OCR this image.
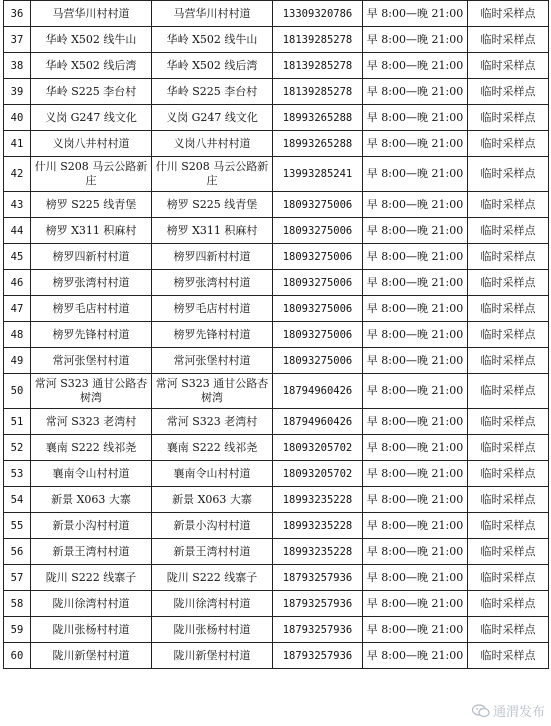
36	马营华川村村道	马营华川村村道	13309320786	早 8:00—晚 21:00	临时采样点
37	华岭 X502 线牛山	华岭 X502 线牛山	18139285278	早 8:00—晚 21:00	临时采样点
38	华岭 X502 线后湾	华岭 X502 线后湾	18139285278	早 8:00—晚 21:00	临时采样点
39	华岭 S225 李台村	华岭 S225 李台村	18139285278	早 8:00—晚 21:00	临时采样点
40	义岗 G247 线文化	义岗 G247 线文化	18993265288	早 8:00—晚 21:00	临时采样点
41	义岗八井村村道	义岗八井村村道	18993265288	早 8:00—晚 21:00	临时采样点
42	什川 S208 马云公路新庄	什川 S208 马云公路新庄	13993285241	早 8:00—晚 21:00	临时采样点
43	榜罗 S225 线青堡	榜罗 S225 线青堡	18093275006	早 8:00—晚 21:00	临时采样点
44	榜罗 X311 积麻村	榜罗 X311 积麻村	18093275006	早 8:00—晚 21:00	临时采样点
45	榜罗四新村村道	榜罗四新村村道	18093275006	早 8:00—晚 21:00	临时采样点
46	榜罗张湾村村道	榜罗张湾村村道	18093275006	早 8:00—晚 21:00	临时采样点
47	榜罗毛店村村道	榜罗毛店村村道	18093275006	早 8:00—晚 21:00	临时采样点
48	榜罗先锋村村道	榜罗先锋村村道	18093275006	早 8:00—晚 21:00	临时采样点
49	常河张堡村村道	常河张堡村村道	18093275006	早 8:00—晚 21:00	临时采样点
50	常河 S323 通甘公路杏树湾	常河 S323 通甘公路杏树湾	18794960426	早 8:00—晚 21:00	临时采样点
51	常河 S323 老湾村	常河 S323 老湾村	18794960426	早 8:00—晚 21:00	临时采样点
52	襄南 S222 线祁尧	襄南 S222 线祁尧	18093205702	早 8:00—晚 21:00	临时采样点
53	襄南令山村村道	襄南令山村村道	18093205702	早 8:00—晚 21:00	临时采样点
54	新景 X063 大寨	新景 X063 大寨	18993235228	早 8:00—晚 21:00	临时采样点
55	新景小沟村村道	新景小沟村村道	18993235228	早 8:00—晚 21:00	临时采样点
56	新景王湾村村道	新景王湾村村道	18993235228	早 8:00—晚 21:00	临时采样点
57	陇川 S222 线寨子	陇川 S222 线寨子	18793257936	早 8:00—晚 21:00	临时采样点
58	陇川徐湾村村道	陇川徐湾村村道	18793257936	早 8:00—晚 21:00	临时采样点
59	陇川张杨村村道	陇川张杨村村道	18793257936	早 8:00—晚 21:00	临时采样点
60	陇川新堡村村道	陇川新堡村村道	18793257936	早 8:00—晚 21:00	临时采样点
通渭发布
